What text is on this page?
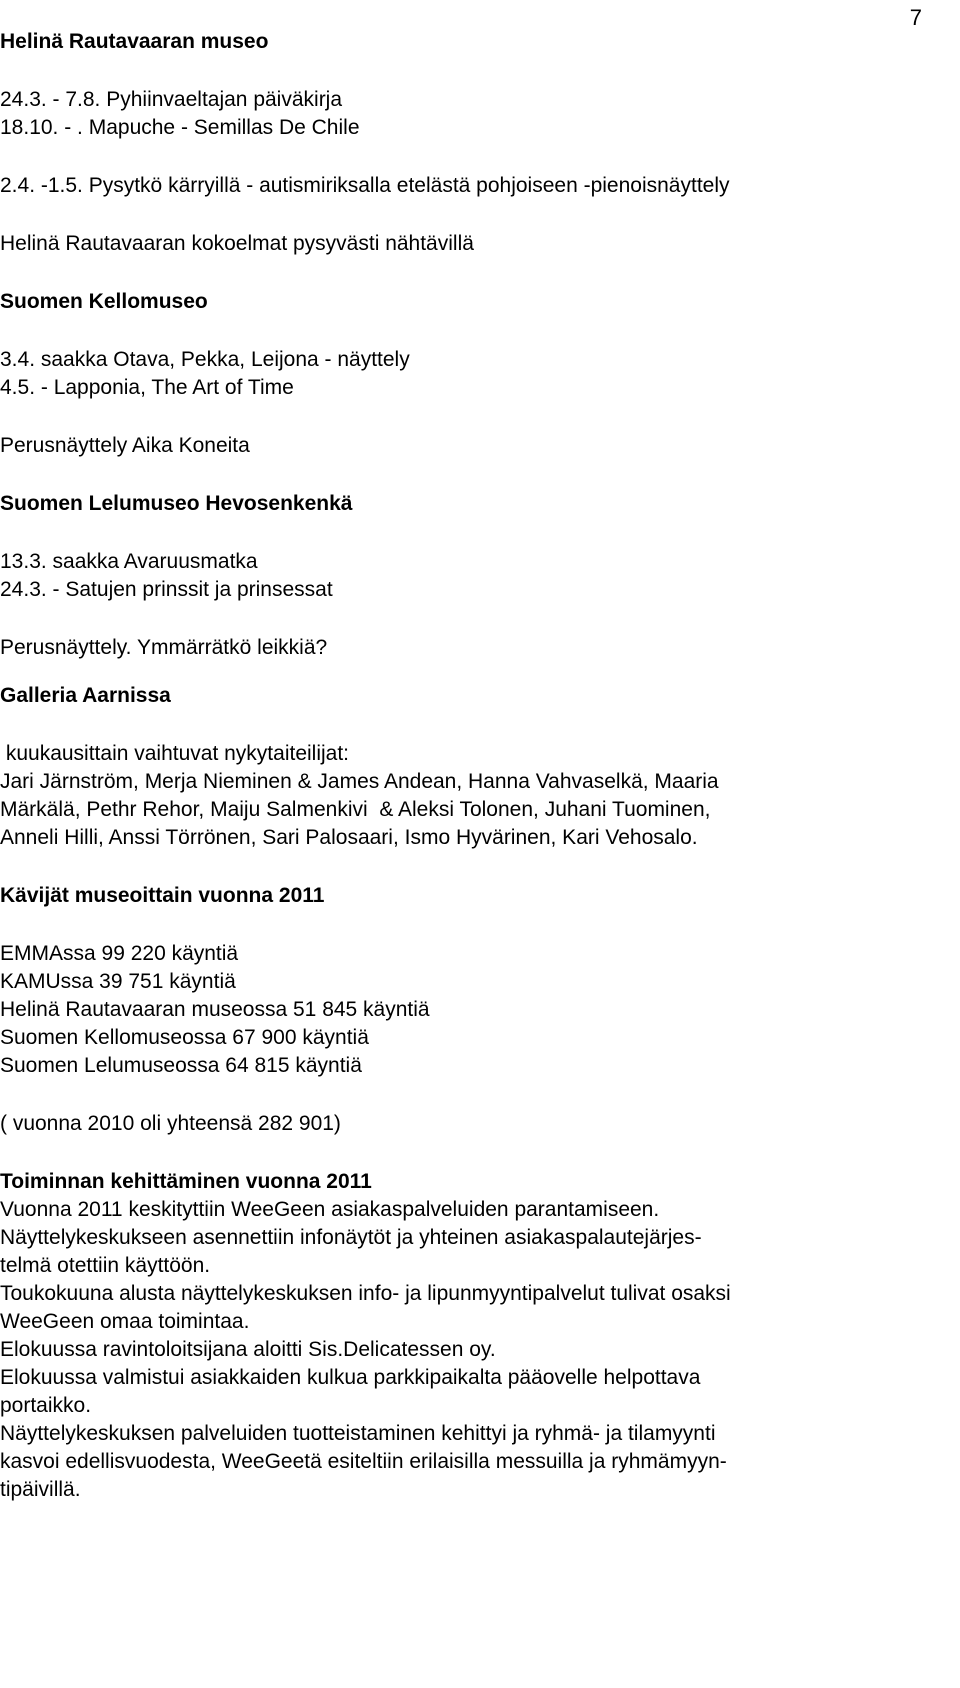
7
Helinä Rautavaaran museo
24.3. - 7.8. Pyhiinvaeltajan päiväkirja
18.10. - . Mapuche - Semillas De Chile
2.4. -1.5. Pysytkö kärryillä - autismiriksalla etelästä pohjoiseen -pienoisnäyttely
Helinä Rautavaaran kokoelmat pysyvästi nähtävillä
Suomen Kellomuseo
3.4. saakka Otava, Pekka, Leijona - näyttely
4.5. - Lapponia, The Art of Time
Perusnäyttely Aika Koneita
Suomen Lelumuseo Hevosenkenkä
13.3. saakka Avaruusmatka
24.3. - Satujen prinssit ja prinsessat
Perusnäyttely. Ymmärrätkö leikkiä?
Galleria Aarnissa
kuukausittain vaihtuvat nykytaiteilijat:
Jari Järnström, Merja Nieminen & James Andean, Hanna Vahvaselkä, Maaria
Märkälä, Pethr Rehor, Maiju Salmenkivi  & Aleksi Tolonen, Juhani Tuominen,
Anneli Hilli, Anssi Törrönen, Sari Palosaari, Ismo Hyvärinen, Kari Vehosalo.
Kävijät museoittain vuonna 2011
EMMAssa 99 220 käyntiä
KAMUssa 39 751 käyntiä
Helinä Rautavaaran museossa 51 845 käyntiä
Suomen Kellomuseossa 67 900 käyntiä
Suomen Lelumuseossa 64 815 käyntiä
( vuonna 2010 oli yhteensä 282 901)
Toiminnan kehittäminen vuonna 2011
Vuonna 2011 keskityttiin WeeGeen asiakaspalveluiden parantamiseen.
Näyttelykeskukseen asennettiin infonäytöt ja yhteinen asiakaspalautejärjes-
telmä otettiin käyttöön.
Toukokuuna alusta näyttelykeskuksen info- ja lipunmyyntipalvelut tulivat osaksi
WeeGeen omaa toimintaa.
Elokuussa ravintoloitsijana aloitti Sis.Delicatessen oy.
Elokuussa valmistui asiakkaiden kulkua parkkipaikalta pääovelle helpottava
portaikko.
Näyttelykeskuksen palveluiden tuotteistaminen kehittyi ja ryhmä- ja tilamyynti
kasvoi edellisvuodesta, WeeGeetä esiteltiin erilaisilla messuilla ja ryhmämyyn-
tipäivillä.
